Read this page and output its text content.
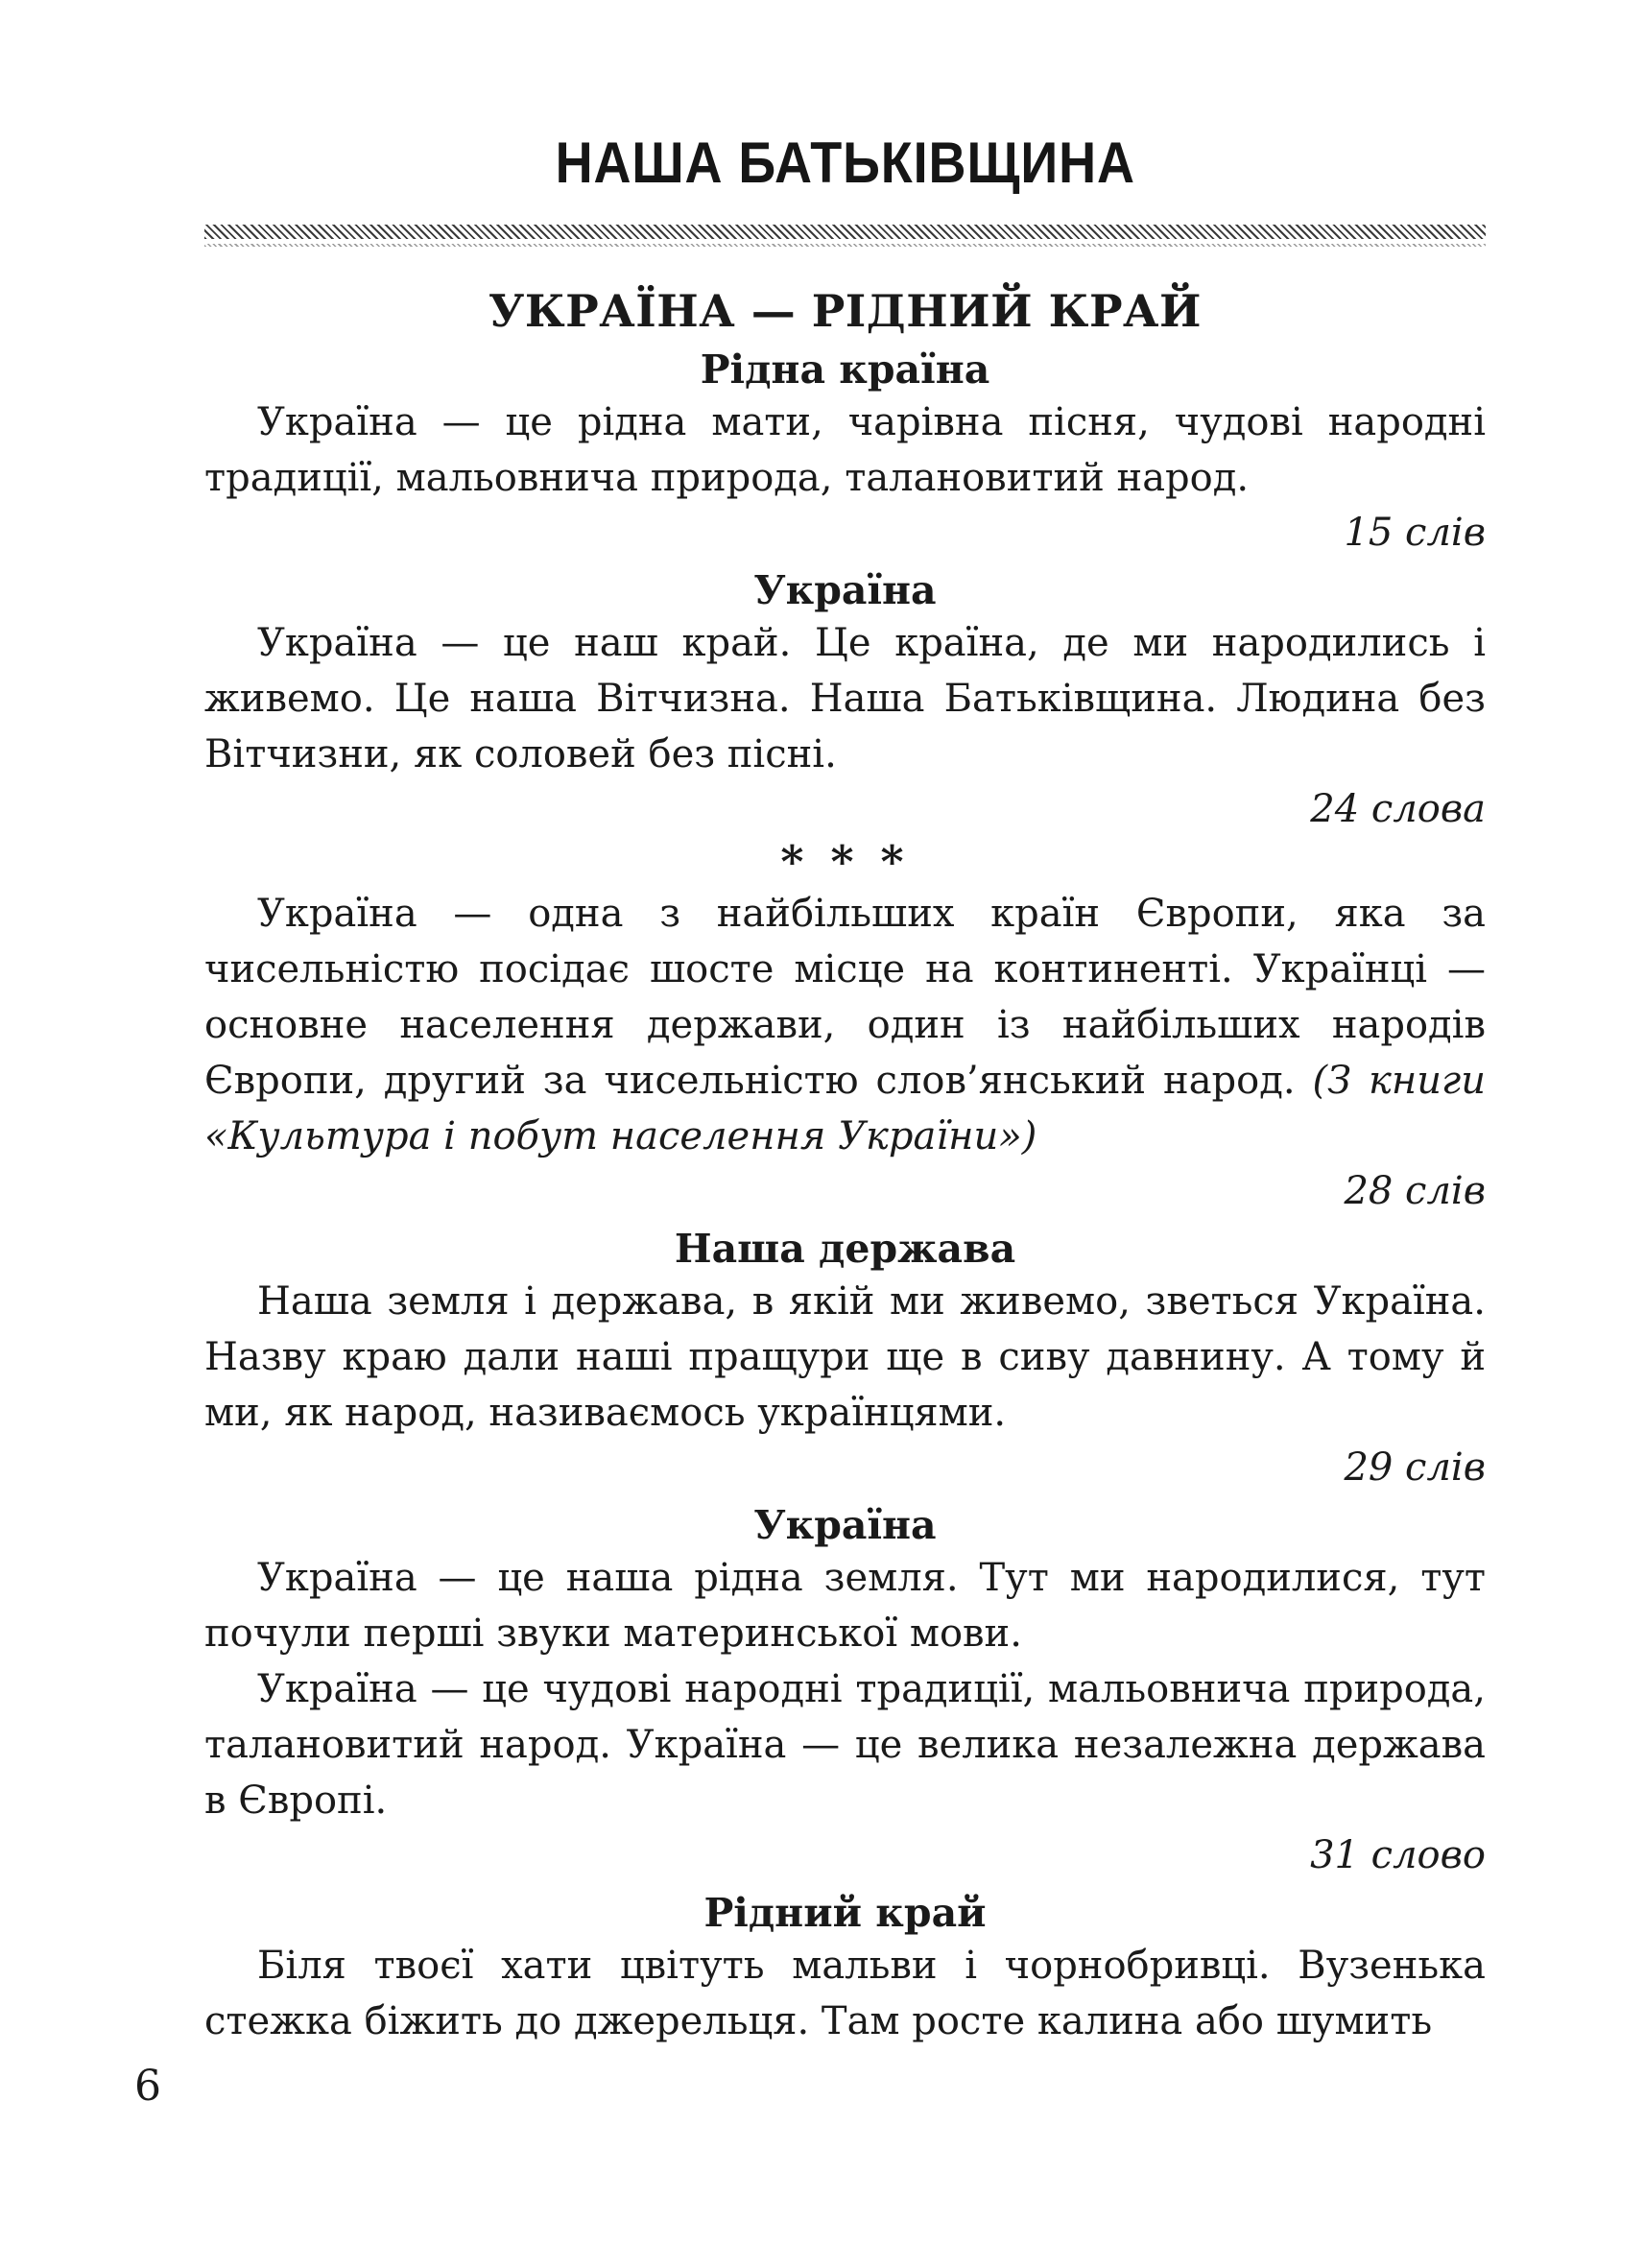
НАША БАТЬКІВЩИНА
УКРАЇНА — РІДНИЙ КРАЙ
Рідна країна

Україна — це рідна мати, чарівна пісня, чудові народні традиції, мальовнича природа, талановитий народ.

15 слів
Україна

Україна — це наш край. Це країна, де ми народились і живемо. Це наша Вітчизна. Наша Батьківщина. Людина без Вітчизни, як соловей без пісні.

24 слова
* * *

Україна — одна з найбільших країн Європи, яка за чисельністю посідає шосте місце на континенті. Українці — основне населення держави, один із найбільших народів Європи, другий за чисельністю слов’янський народ. (З книги «Культура і побут населення України»)

28 слів
Наша держава

Наша земля і держава, в якій ми живемо, зветься Україна. Назву краю дали наші пращури ще в сиву давнину. А тому й ми, як народ, називаємось українцями.

29 слів
Україна

Україна — це наша рідна земля. Тут ми народилися, тут почули перші звуки материнської мови.

Україна — це чудові народні традиції, мальовнича природа, талановитий народ. Україна — це велика незалежна держава в Європі.

31 слово
Рідний край

Біля твоєї хати цвітуть мальви і чорнобривці. Вузенька стежка біжить до джерельця. Там росте калина або шумить

6
